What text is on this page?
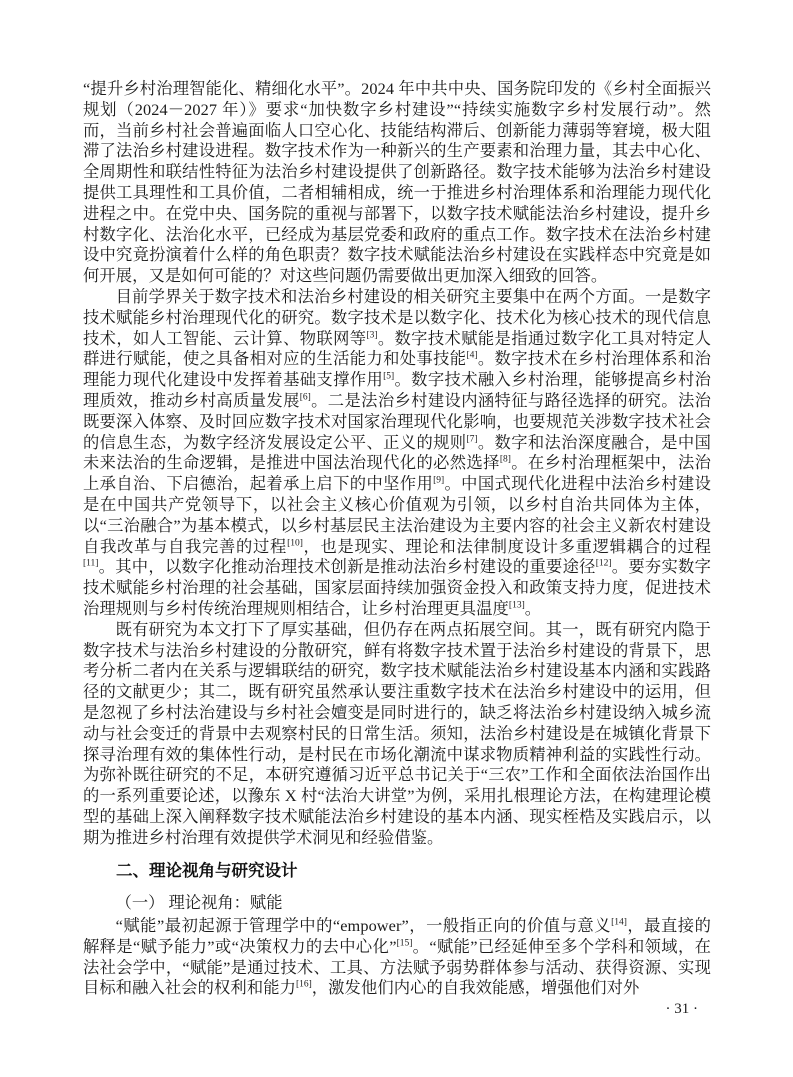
“提升乡村治理智能化、精细化水平”。2024 年中共中央、国务院印发的《乡村全面振兴规划（2024－2027 年）》要求“加快数字乡村建设”“持续实施数字乡村发展行动”。然而，当前乡村社会普遍面临人口空心化、技能结构滞后、创新能力薄弱等窘境，极大阻滞了法治乡村建设进程。数字技术作为一种新兴的生产要素和治理力量，其去中心化、全周期性和联结性特征为法治乡村建设提供了创新路径。数字技术能够为法治乡村建设提供工具理性和工具价值，二者相辅相成，统一于推进乡村治理体系和治理能力现代化进程之中。在党中央、国务院的重视与部署下，以数字技术赋能法治乡村建设，提升乡村数字化、法治化水平，已经成为基层党委和政府的重点工作。数字技术在法治乡村建设中究竟扮演着什么样的角色职责？数字技术赋能法治乡村建设在实践样态中究竟是如何开展，又是如何可能的？对这些问题仍需要做出更加深入细致的回答。

目前学界关于数字技术和法治乡村建设的相关研究主要集中在两个方面。一是数字技术赋能乡村治理现代化的研究。数字技术是以数字化、技术化为核心技术的现代信息技术，如人工智能、云计算、物联网等[3]。数字技术赋能是指通过数字化工具对特定人群进行赋能，使之具备相对应的生活能力和处事技能[4]。数字技术在乡村治理体系和治理能力现代化建设中发挥着基础支撑作用[5]。数字技术融入乡村治理，能够提高乡村治理质效，推动乡村高质量发展[6]。二是法治乡村建设内涵特征与路径选择的研究。法治既要深入体察、及时回应数字技术对国家治理现代化影响，也要规范关涉数字技术社会的信息生态，为数字经济发展设定公平、正义的规则[7]。数字和法治深度融合，是中国未来法治的生命逻辑，是推进中国法治现代化的必然选择[8]。在乡村治理框架中，法治上承自治、下启德治，起着承上启下的中坚作用[9]。中国式现代化进程中法治乡村建设是在中国共产党领导下，以社会主义核心价值观为引领，以乡村自治共同体为主体，以“三治融合”为基本模式，以乡村基层民主法治建设为主要内容的社会主义新农村建设自我改革与自我完善的过程[10]，也是现实、理论和法律制度设计多重逻辑耦合的过程[11]。其中，以数字化推动治理技术创新是推动法治乡村建设的重要途径[12]。要夯实数字技术赋能乡村治理的社会基础，国家层面持续加强资金投入和政策支持力度，促进技术治理规则与乡村传统治理规则相结合，让乡村治理更具温度[13]。

既有研究为本文打下了厚实基础，但仍存在两点拓展空间。其一，既有研究内隐于数字技术与法治乡村建设的分散研究，鲜有将数字技术置于法治乡村建设的背景下，思考分析二者内在关系与逻辑联结的研究，数字技术赋能法治乡村建设基本内涵和实践路径的文献更少；其二，既有研究虽然承认要注重数字技术在法治乡村建设中的运用，但是忽视了乡村法治建设与乡村社会嬗变是同时进行的，缺乏将法治乡村建设纳入城乡流动与社会变迁的背景中去观察村民的日常生活。须知，法治乡村建设是在城镇化背景下探寻治理有效的集体性行动，是村民在市场化潮流中谋求物质精神利益的实践性行动。为弥补既往研究的不足，本研究遵循习近平总书记关于“三农”工作和全面依法治国作出的一系列重要论述，以豫东 X 村“法治大讲堂”为例，采用扎根理论方法，在构建理论模型的基础上深入阐释数字技术赋能法治乡村建设的基本内涵、现实桎梏及实践启示，以期为推进乡村治理有效提供学术洞见和经验借鉴。

二、理论视角与研究设计

（一） 理论视角：赋能

“赋能”最初起源于管理学中的“empower”，一般指正向的价值与意义[14]，最直接的解释是“赋予能力”或“决策权力的去中心化”[15]。“赋能”已经延伸至多个学科和领域，在法社会学中，“赋能”是通过技术、工具、方法赋予弱势群体参与活动、获得资源、实现目标和融入社会的权利和能力[16]，激发他们内心的自我效能感，增强他们对外

· 31 ·
